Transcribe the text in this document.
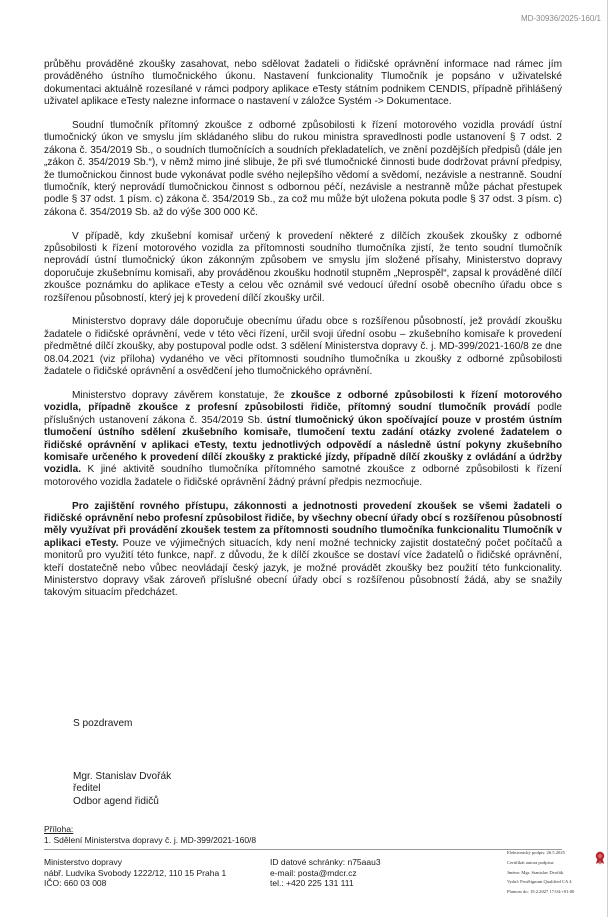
MD-30936/2025-160/1

průběhu prováděné zkoušky zasahovat, nebo sdělovat žadateli o řidičské oprávnění informace nad rámec jím prováděného ústního tlumočnického úkonu. Nastavení funkcionality Tlumočník je popsáno v uživatelské dokumentaci aktuálně rozesílané v rámci podpory aplikace eTesty státním podnikem CENDIS, případně přihlášený uživatel aplikace eTesty nalezne informace o nastavení v záložce Systém -> Dokumentace.

Soudní tlumočník přítomný zkoušce z odborné způsobilosti k řízení motorového vozidla provádí ústní tlumočnický úkon ve smyslu jím skládaného slibu do rukou ministra spravedlnosti podle ustanovení § 7 odst. 2 zákona č. 354/2019 Sb., o soudních tlumočnících a soudních překladatelích, ve znění pozdějších předpisů (dále jen „zákon č. 354/2019 Sb.“), v němž mimo jiné slibuje, že při své tlumočnické činnosti bude dodržovat právní předpisy, že tlumočnickou činnost bude vykonávat podle svého nejlepšího vědomí a svědomí, nezávisle a nestranně. Soudní tlumočník, který neprovádí tlumočnickou činnost s odbornou péčí, nezávisle a nestranně může páchat přestupek podle § 37 odst. 1 písm. c) zákona č. 354/2019 Sb., za což mu může být uložena pokuta podle § 37 odst. 3 písm. c) zákona č. 354/2019 Sb. až do výše 300 000 Kč.

V případě, kdy zkušební komisař určený k provedení některé z dílčích zkoušek zkoušky z odborné způsobilosti k řízení motorového vozidla za přítomnosti soudního tlumočníka zjistí, že tento soudní tlumočník neprovádí ústní tlumočnický úkon zákonným způsobem ve smyslu jím složené přísahy, Ministerstvo dopravy doporučuje zkušebnímu komisaři, aby prováděnou zkoušku hodnotil stupněm „Neprospěl“, zapsal k prováděné dílčí zkoušce poznámku do aplikace eTesty a celou věc oznámil své vedoucí úřední osobě obecního úřadu obce s rozšířenou působností, který jej k provedení dílčí zkoušky určil.

Ministerstvo dopravy dále doporučuje obecnímu úřadu obce s rozšířenou působností, jež provádí zkoušku žadatele o řidičské oprávnění, vede v této věci řízení, určil svoji úřední osobu – zkušebního komisaře k provedení předmětné dílčí zkoušky, aby postupoval podle odst. 3 sdělení Ministerstva dopravy č. j. MD-399/2021-160/8 ze dne 08.04.2021 (viz příloha) vydaného ve věci přítomnosti soudního tlumočníka u zkoušky z odborné způsobilosti žadatele o řidičské oprávnění a osvědčení jeho tlumočnického oprávnění.

Ministerstvo dopravy závěrem konstatuje, že zkoušce z odborné způsobilosti k řízení motorového vozidla, případně zkoušce z profesní způsobilosti řidiče, přítomný soudní tlumočník provádí podle příslušných ustanovení zákona č. 354/2019 Sb. ústní tlumočnický úkon spočívající pouze v prostém ústním tlumočení ústního sdělení zkušebního komisaře, tlumočení textu zadání otázky zvolené žadatelem o řidičské oprávnění v aplikaci eTesty, textu jednotlivých odpovědí a následně ústní pokyny zkušebního komisaře určeného k provedení dílčí zkoušky z praktické jízdy, případně dílčí zkoušky z ovládání a údržby vozidla. K jiné aktivitě soudního tlumočníka přítomného samotné zkoušce z odborné způsobilosti k řízení motorového vozidla žadatele o řidičské oprávnění žádný právní předpis nezmocňuje.

Pro zajištění rovného přístupu, zákonnosti a jednotnosti provedení zkoušek se všemi žadateli o řidičské oprávnění nebo profesní způsobilost řidiče, by všechny obecní úřady obcí s rozšířenou působností měly využívat při provádění zkoušek testem za přítomnosti soudního tlumočníka funkcionalitu Tlumočník v aplikaci eTesty. Pouze ve výjimečných situacích, kdy není možné technicky zajistit dostatečný počet počítačů a monitorů pro využití této funkce, např. z důvodu, že k dílčí zkoušce se dostaví více žadatelů o řidičské oprávnění, kteří dostatečně nebo vůbec neovládají český jazyk, je možné provádět zkoušky bez použití této funkcionality. Ministerstvo dopravy však zároveň příslušné obecní úřady obcí s rozšířenou působností žádá, aby se snažily takovým situacím předcházet.

S pozdravem
Mgr. Stanislav Dvořák
ředitel
Odbor agend řidičů
Příloha:
1. Sdělení Ministerstva dopravy č. j. MD-399/2021-160/8
Ministerstvo dopravy
nábř. Ludvíka Svobody 1222/12, 110 15 Praha 1
IČO: 660 03 008
ID datové schránky: n75aau3
e-mail: posta@mdcr.cz
tel.: +420 225 131 111
Elektronický podpis: 26.5.2025
Certifikát autora podpisu:
Jméno: Mgr. Stanislav Dvořák
Vydal: PostSignum Qualified CA 4
Platnost do: 19.2.2027 17:04:+01:00
